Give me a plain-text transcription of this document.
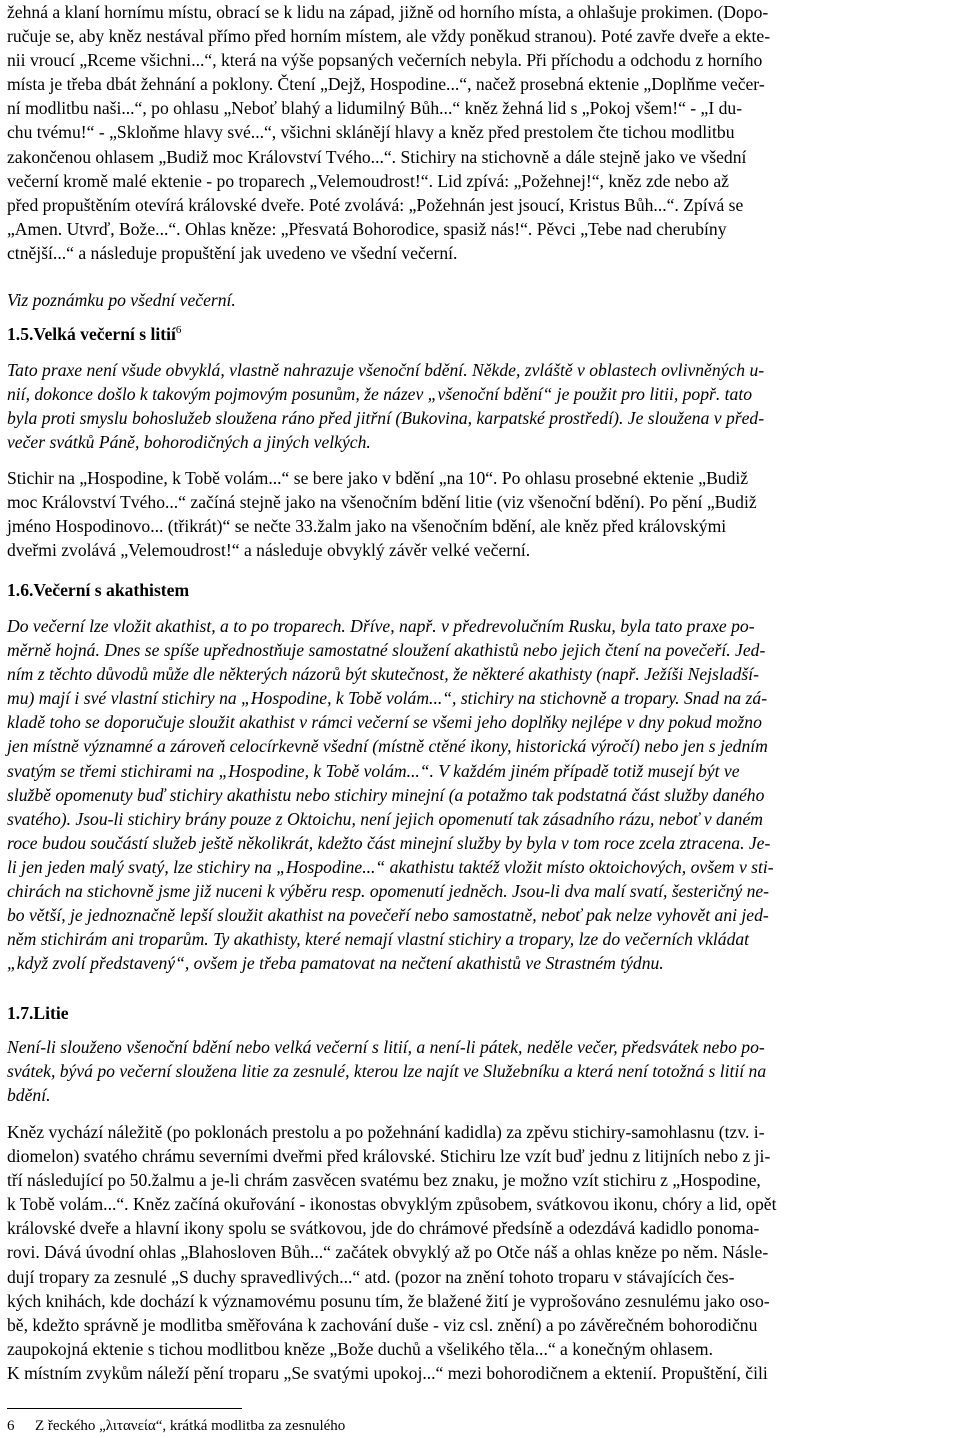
žehná a klaní hornímu místu, obrací se k lidu na západ, jižně od horního místa, a ohlašuje prokimen. (Dopo-
ručuje se, aby kněz nestával přímo před horním místem, ale vždy poněkud stranou). Poté zavře dveře a ekte-
nii vroucí „Rceme všichni...“, která na výše popsaných večerních nebyla. Při příchodu a odchodu z horního
místa je třeba dbát žehnání a poklony. Čtení „Dejž, Hospodine...“, načež prosebná ektenie „Doplňme večer-
ní modlitbu naši...“, po ohlasu „Neboť blahý a lidumilný Bůh...“ kněz žehná lid s „Pokoj všem!“ - „I du-
chu tvému!“ - „Skloňme hlavy své...“, všichni sklánějí hlavy a kněz před prestolem čte tichou modlitbu
zakončenou ohlasem „Budiž moc Království Tvého...“. Stichiry na stichovně a dále stejně jako ve všední
večerní kromě malé ektenie - po troparech „Velemoudrost!“. Lid zpívá: „Požehnej!“, kněz zde nebo až
před propuštěním otevírá královské dveře. Poté zvolává: „Požehnán jest jsoucí, Kristus Bůh...“. Zpívá se
„Amen. Utvrď, Bože...“. Ohlas kněze: „Přesvatá Bohorodice, spasiž nás!“. Pěvci „Tebe nad cherubíny
ctnější...“ a následuje propuštění jak uvedeno ve všední večerní.

Viz poznámku po všední večerní.

1.5.Velká večerní s litií$^6$

Tato praxe není všude obvyklá, vlastně nahrazuje všenoční bdění. Někde, zvláště v oblastech ovlivněných u-
nií, dokonce došlo k takovým pojmovým posunům, že název „všenoční bdění“ je použit pro litii, popř. tato
byla proti smyslu bohoslužeb sloužena ráno před jitřní (Bukovina, karpatské prostředí). Je sloužena v před-
večer svátků Páně, bohorodičných a jiných velkých.

Stichir na „Hospodine, k Tobě volám...“ se bere jako v bdění „na 10“. Po ohlasu prosebné ektenie „Budiž
moc Království Tvého...“ začíná stejně jako na všenočním bdění litie (viz všenoční bdění). Po pění „Budiž
jméno Hospodinovo... (třikrát)“ se nečte 33.žalm jako na všenočním bdění, ale kněz před královskými
dveřmi zvolává „Velemoudrost!“ a následuje obvyklý závěr velké večerní.

1.6.Večerní s akathistem

Do večerní lze vložit akathist, a to po troparech. Dříve, např. v předrevolučním Rusku, byla tato praxe po-
měrně hojná. Dnes se spíše upřednostňuje samostatné sloužení akathistů nebo jejich čtení na povečeří. Jed-
ním z těchto důvodů může dle některých názorů být skutečnost, že některé akathisty (např. Ježíši Nejsladší-
mu) mají i své vlastní stichiry na „Hospodine, k Tobě volám...“, stichiry na stichovně a tropary. Snad na zá-
kladě toho se doporučuje sloužit akathist v rámci večerní se všemi jeho doplňky nejlépe v dny pokud možno
jen místně významné a zároveň celocírkevně všední (místně ctěné ikony, historická výročí) nebo jen s jedním
svatým se třemi stichirami na „Hospodine, k Tobě volám...“. V každém jiném případě totiž musejí být ve
službě opomenuty buď stichiry akathistu nebo stichiry minejní (a potažmo tak podstatná část služby daného
svatého). Jsou-li stichiry brány pouze z Oktoichu, není jejich opomenutí tak zásadního rázu, neboť v daném
roce budou součástí služeb ještě několikrát, kdežto část minejní služby by byla v tom roce zcela ztracena. Je-
li jen jeden malý svatý, lze stichiry na „Hospodine...“ akathistu taktéž vložit místo oktoichových, ovšem v sti-
chirách na stichovně jsme již nuceni k výběru resp. opomenutí jedněch. Jsou-li dva malí svatí, šesteričný ne-
bo větší, je jednoznačně lepší sloužit akathist na povečeří nebo samostatně, neboť pak nelze vyhovět ani jed-
něm stichirám ani troparům. Ty akathisty, které nemají vlastní stichiry a tropary, lze do večerních vkládat
„když zvolí představený“, ovšem je třeba pamatovat na nečtení akathistů ve Strastném týdnu.

1.7.Litie

Není-li slouženo všenoční bdění nebo velká večerní s litií, a není-li pátek, neděle večer, předsvátek nebo po-
svátek, bývá po večerní sloužena litie za zesnulé, kterou lze najít ve Služebníku a která není totožná s litií na
bdění.

Kněz vychází náležitě (po poklonách prestolu a po požehnání kadidla) za zpěvu stichiry-samohlasnu (tzv. i-
diomelon) svatého chrámu severními dveřmi před královské. Stichiru lze vzít buď jednu z litijních nebo z ji-
tří následující po 50.žalmu a je-li chrám zasvěcen svatému bez znaku, je možno vzít stichiru z „Hospodine,
k Tobě volám...“. Kněz začíná okuřování - ikonostas obvyklým způsobem, svátkovou ikonu, chóry a lid, opět
královské dveře a hlavní ikony spolu se svátkovou, jde do chrámové předsíně a odezdává kadidlo ponoma-
rovi. Dává úvodní ohlas „Blahosloven Bůh...“ začátek obvyklý až po Otče náš a ohlas kněze po něm. Násle-
dují tropary za zesnulé „S duchy spravedlivých...“ atd. (pozor na znění tohoto troparu v stávajících čes-
kých knihách, kde dochází k významovému posunu tím, že blažené žití je vyprošováno zesnulému jako oso-
bě, kdežto správně je modlitba směřována k zachování duše - viz csl. znění) a po závěrečném bohorodičnu
zaupokojná ektenie s tichou modlitbou kněze „Bože duchů a všelikého těla...“ a konečným ohlasem.
K místním zvykům náleží pění troparu „Se svatými upokoj...“ mezi bohorodičnem a ektenií. Propuštění, čili

6 Z řeckého „λιτανεία“, krátká modlitba za zesnulého
